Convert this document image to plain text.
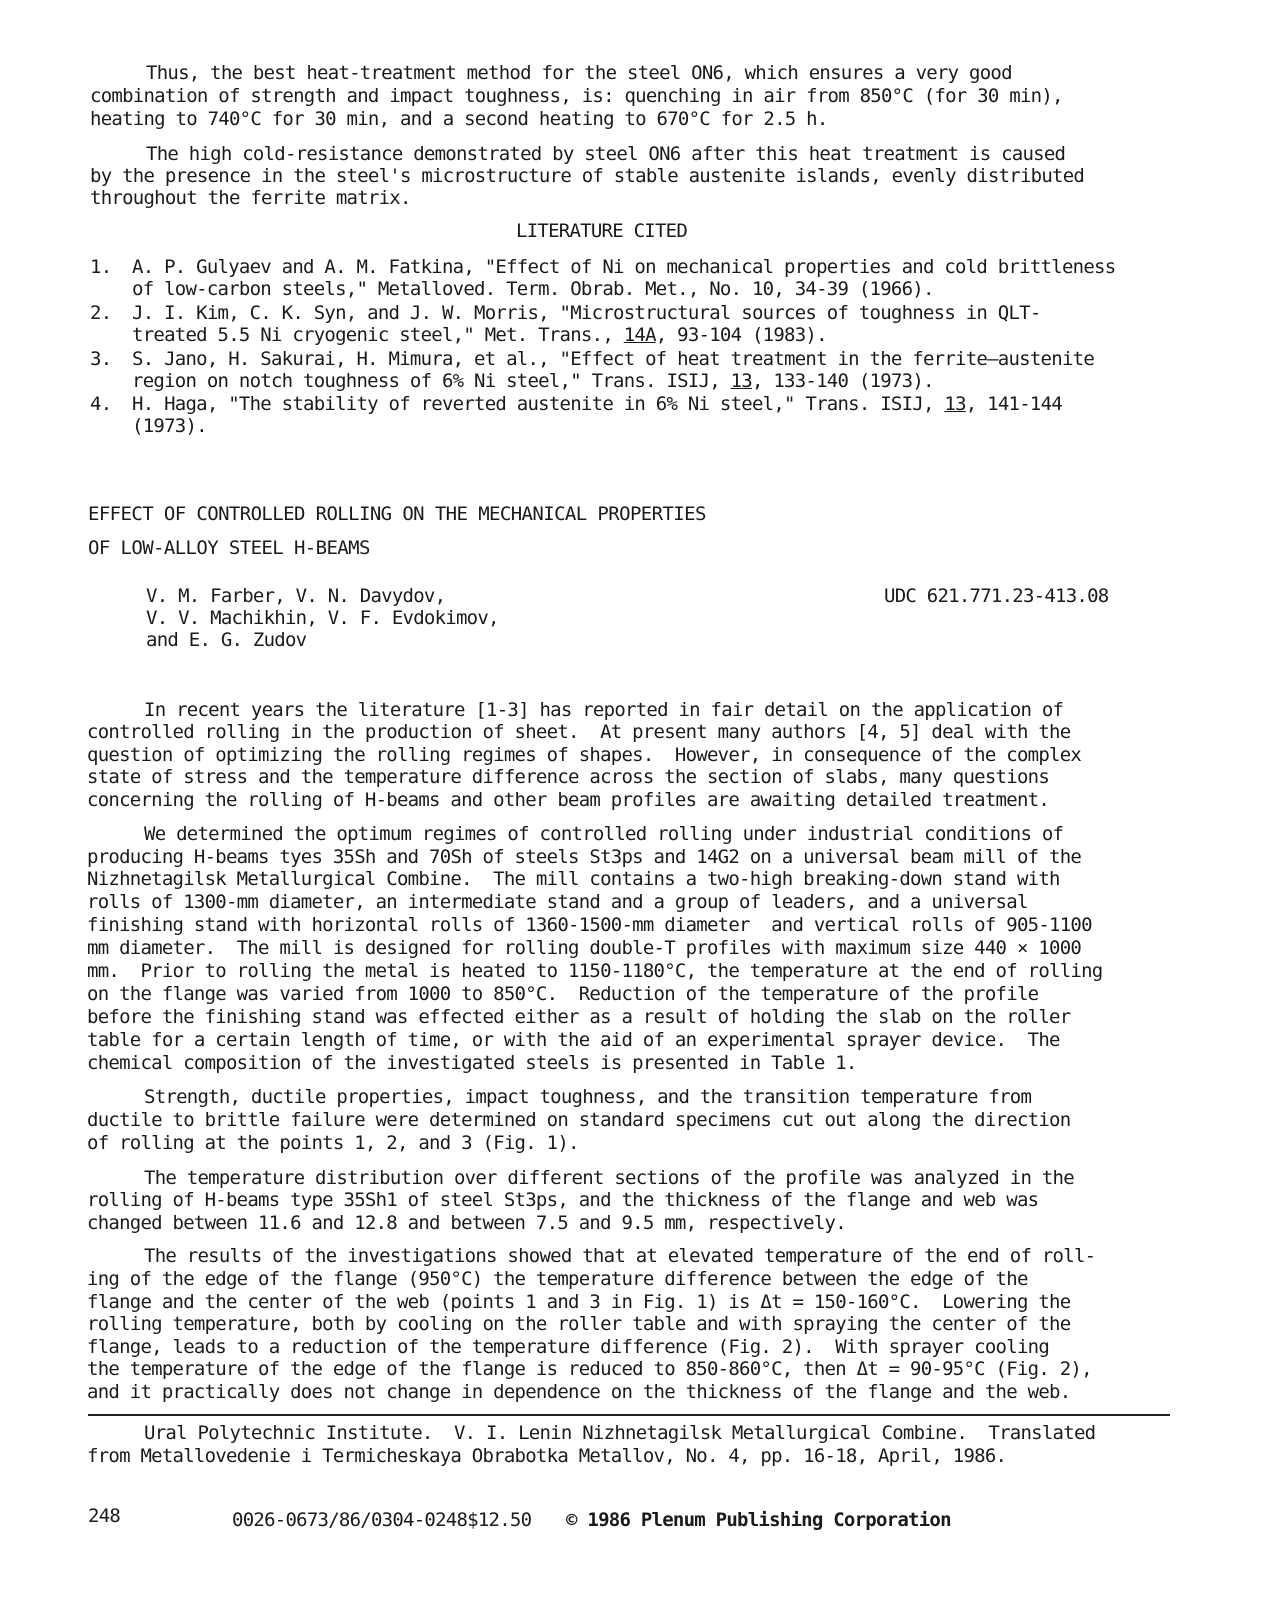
Thus, the best heat-treatment method for the steel ON6, which ensures a very good
combination of strength and impact toughness, is: quenching in air from 850°C (for 30 min),
heating to 740°C for 30 min, and a second heating to 670°C for 2.5 h.
The high cold-resistance demonstrated by steel ON6 after this heat treatment is caused
by the presence in the steel's microstructure of stable austenite islands, evenly distributed
throughout the ferrite matrix.
LITERATURE CITED
1. A. P. Gulyaev and A. M. Fatkina, "Effect of Ni on mechanical properties and cold brittleness
of low-carbon steels," Metalloved. Term. Obrab. Met., No. 10, 34-39 (1966).
2. J. I. Kim, C. K. Syn, and J. W. Morris, "Microstructural sources of toughness in QLT-
treated 5.5 Ni cryogenic steel," Met. Trans., 14A, 93-104 (1983).
3. S. Jano, H. Sakurai, H. Mimura, et al., "Effect of heat treatment in the ferrite—austenite
region on notch toughness of 6% Ni steel," Trans. ISIJ, 13, 133-140 (1973).
4. H. Haga, "The stability of reverted austenite in 6% Ni steel," Trans. ISIJ, 13, 141-144
(1973).
EFFECT OF CONTROLLED ROLLING ON THE MECHANICAL PROPERTIES
OF LOW-ALLOY STEEL H-BEAMS
V. M. Farber, V. N. Davydov,
V. V. Machikhin, V. F. Evdokimov,
and E. G. Zudov
UDC 621.771.23-413.08
In recent years the literature [1-3] has reported in fair detail on the application of
controlled rolling in the production of sheet.  At present many authors [4, 5] deal with the
question of optimizing the rolling regimes of shapes.  However, in consequence of the complex
state of stress and the temperature difference across the section of slabs, many questions
concerning the rolling of H-beams and other beam profiles are awaiting detailed treatment.
We determined the optimum regimes of controlled rolling under industrial conditions of
producing H-beams tyes 35Sh and 70Sh of steels St3ps and 14G2 on a universal beam mill of the
Nizhnetagilsk Metallurgical Combine.  The mill contains a two-high breaking-down stand with
rolls of 1300-mm diameter, an intermediate stand and a group of leaders, and a universal
finishing stand with horizontal rolls of 1360-1500-mm diameter  and vertical rolls of 905-1100
mm diameter.  The mill is designed for rolling double-T profiles with maximum size 440 × 1000
mm.  Prior to rolling the metal is heated to 1150-1180°C, the temperature at the end of rolling
on the flange was varied from 1000 to 850°C.  Reduction of the temperature of the profile
before the finishing stand was effected either as a result of holding the slab on the roller
table for a certain length of time, or with the aid of an experimental sprayer device.  The
chemical composition of the investigated steels is presented in Table 1.
Strength, ductile properties, impact toughness, and the transition temperature from
ductile to brittle failure were determined on standard specimens cut out along the direction
of rolling at the points 1, 2, and 3 (Fig. 1).
The temperature distribution over different sections of the profile was analyzed in the
rolling of H-beams type 35Sh1 of steel St3ps, and the thickness of the flange and web was
changed between 11.6 and 12.8 and between 7.5 and 9.5 mm, respectively.
The results of the investigations showed that at elevated temperature of the end of roll-
ing of the edge of the flange (950°C) the temperature difference between the edge of the
flange and the center of the web (points 1 and 3 in Fig. 1) is Δt = 150-160°C.  Lowering the
rolling temperature, both by cooling on the roller table and with spraying the center of the
flange, leads to a reduction of the temperature difference (Fig. 2).  With sprayer cooling
the temperature of the edge of the flange is reduced to 850-860°C, then Δt = 90-95°C (Fig. 2),
and it practically does not change in dependence on the thickness of the flange and the web.
Ural Polytechnic Institute.  V. I. Lenin Nizhnetagilsk Metallurgical Combine.  Translated
from Metallovedenie i Termicheskaya Obrabotka Metallov, No. 4, pp. 16-18, April, 1986.
248	0026-0673/86/0304-0248$12.50 © 1986 Plenum Publishing Corporation
